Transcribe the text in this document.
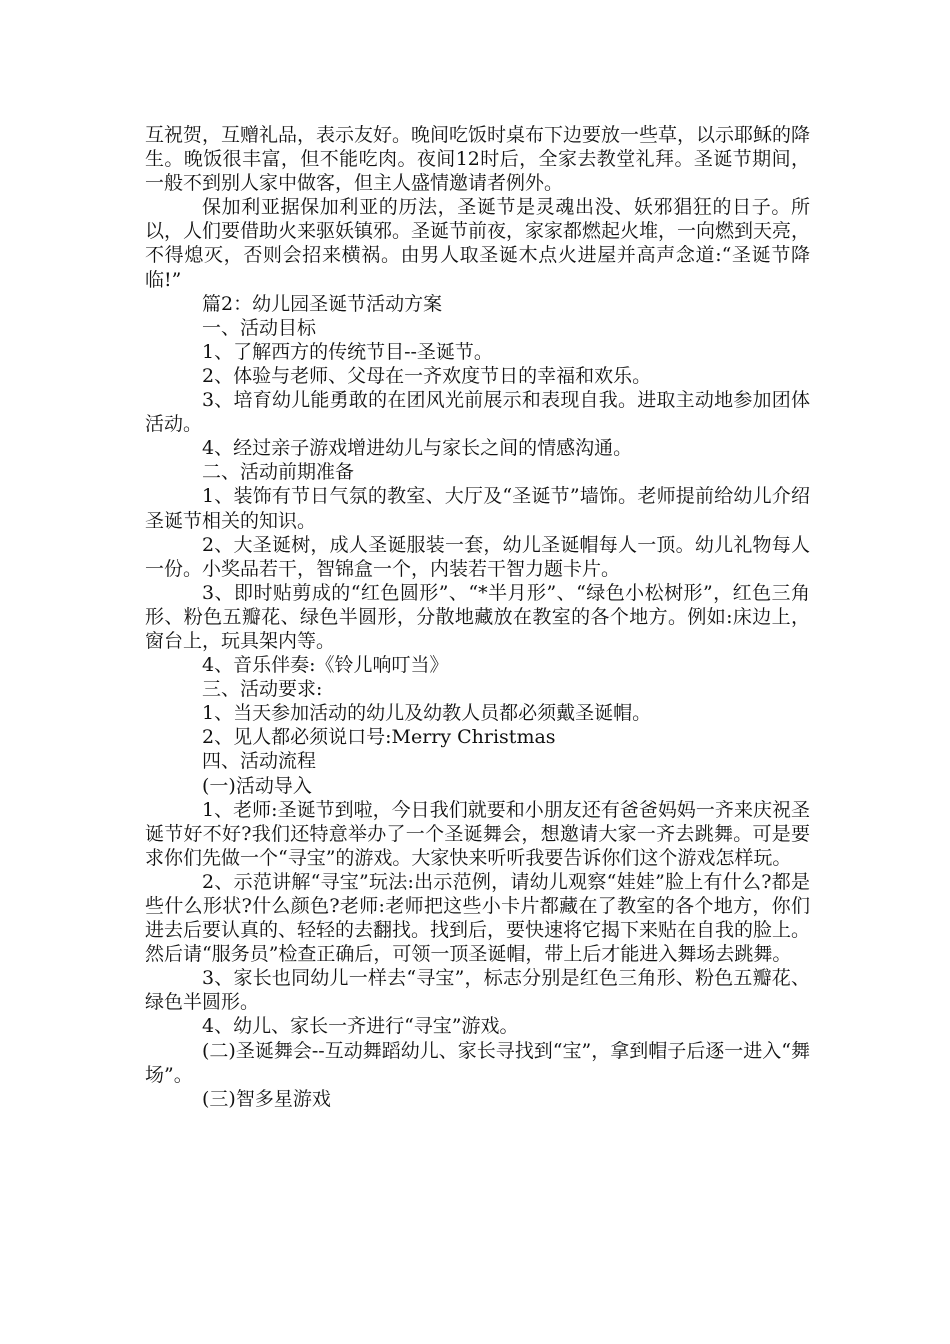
互祝贺，互赠礼品，表示友好。晚间吃饭时桌布下边要放一些草，以示耶稣的降生。晚饭很丰富，但不能吃肉。夜间12时后，全家去教堂礼拜。圣诞节期间，一般不到别人家中做客，但主人盛情邀请者例外。

保加利亚据保加利亚的历法，圣诞节是灵魂出没、妖邪猖狂的日子。所以，人们要借助火来驱妖镇邪。圣诞节前夜，家家都燃起火堆，一向燃到天亮，不得熄灭，否则会招来横祸。由男人取圣诞木点火进屋并高声念道:“圣诞节降临!”

篇2：幼儿园圣诞节活动方案

一、活动目标

1、了解西方的传统节目--圣诞节。

2、体验与老师、父母在一齐欢度节日的幸福和欢乐。

3、培育幼儿能勇敢的在团风光前展示和表现自我。进取主动地参加团体活动。

4、经过亲子游戏增进幼儿与家长之间的情感沟通。

二、活动前期准备

1、装饰有节日气氛的教室、大厅及“圣诞节”墙饰。老师提前给幼儿介绍圣诞节相关的知识。

2、大圣诞树，成人圣诞服装一套，幼儿圣诞帽每人一顶。幼儿礼物每人一份。小奖品若干，智锦盒一个，内装若干智力题卡片。

3、即时贴剪成的“红色圆形”、“*半月形”、“绿色小松树形”，红色三角形、粉色五瓣花、绿色半圆形，分散地藏放在教室的各个地方。例如:床边上，窗台上，玩具架内等。

4、音乐伴奏:《铃儿响叮当》

三、活动要求:

1、当天参加活动的幼儿及幼教人员都必须戴圣诞帽。

2、见人都必须说口号:Merry Christmas

四、活动流程

(一)活动导入

1、老师:圣诞节到啦，今日我们就要和小朋友还有爸爸妈妈一齐来庆祝圣诞节好不好?我们还特意举办了一个圣诞舞会，想邀请大家一齐去跳舞。可是要求你们先做一个“寻宝”的游戏。大家快来听听我要告诉你们这个游戏怎样玩。

2、示范讲解“寻宝”玩法:出示范例，请幼儿观察“娃娃”脸上有什么?都是些什么形状?什么颜色?老师:老师把这些小卡片都藏在了教室的各个地方，你们进去后要认真的、轻轻的去翻找。找到后，要快速将它揭下来贴在自我的脸上。然后请“服务员”检查正确后，可领一顶圣诞帽，带上后才能进入舞场去跳舞。

3、家长也同幼儿一样去“寻宝”，标志分别是红色三角形、粉色五瓣花、绿色半圆形。

4、幼儿、家长一齐进行“寻宝”游戏。

(二)圣诞舞会--互动舞蹈幼儿、家长寻找到“宝”，拿到帽子后逐一进入“舞场”。

(三)智多星游戏
